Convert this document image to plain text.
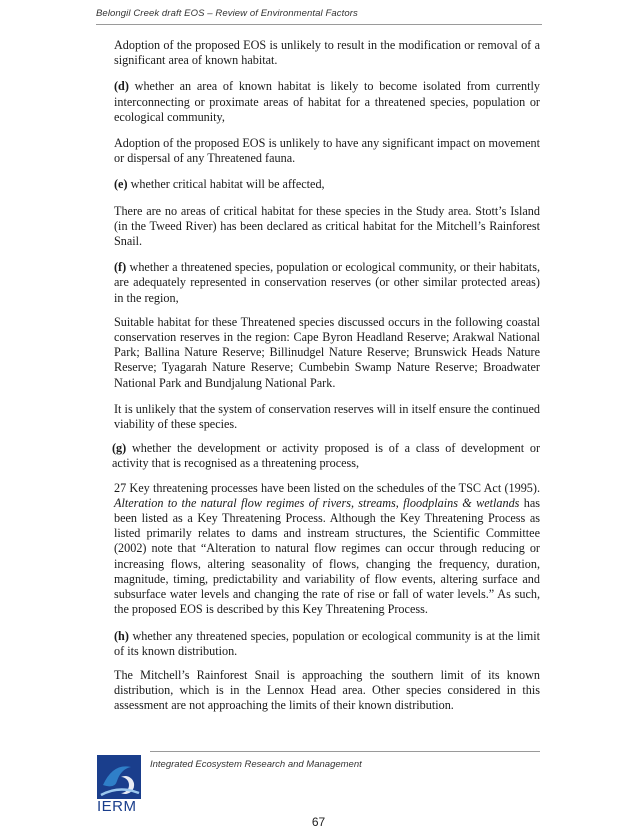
Belongil Creek draft EOS – Review of Environmental Factors

Adoption of the proposed EOS is unlikely to result in the modification or removal of a significant area of known habitat.

(d) whether an area of known habitat is likely to become isolated from currently interconnecting or proximate areas of habitat for a threatened species, population or ecological community,

Adoption of the proposed EOS is unlikely to have any significant impact on movement or dispersal of any Threatened fauna.

(e) whether critical habitat will be affected,

There are no areas of critical habitat for these species in the Study area. Stott’s Island (in the Tweed River) has been declared as critical habitat for the Mitchell’s Rainforest Snail.

(f) whether a threatened species, population or ecological community, or their habitats, are adequately represented in conservation reserves (or other similar protected areas) in the region,

Suitable habitat for these Threatened species discussed occurs in the following coastal conservation reserves in the region: Cape Byron Headland Reserve; Arakwal National Park; Ballina Nature Reserve; Billinudgel Nature Reserve; Brunswick Heads Nature Reserve; Tyagarah Nature Reserve; Cumbebin Swamp Nature Reserve; Broadwater National Park and Bundjalung National Park.

It is unlikely that the system of conservation reserves will in itself ensure the continued viability of these species.

(g) whether the development or activity proposed is of a class of development or activity that is recognised as a threatening process,

27 Key threatening processes have been listed on the schedules of the TSC Act (1995). Alteration to the natural flow regimes of rivers, streams, floodplains & wetlands has been listed as a Key Threatening Process. Although the Key Threatening Process as listed primarily relates to dams and instream structures, the Scientific Committee (2002) note that “Alteration to natural flow regimes can occur through reducing or increasing flows, altering seasonality of flows, changing the frequency, duration, magnitude, timing, predictability and variability of flow events, altering surface and subsurface water levels and changing the rate of rise or fall of water levels.” As such, the proposed EOS is described by this Key Threatening Process.

(h) whether any threatened species, population or ecological community is at the limit of its known distribution.

The Mitchell’s Rainforest Snail is approaching the southern limit of its known distribution, which is in the Lennox Head area. Other species considered in this assessment are not approaching the limits of their known distribution.

Integrated Ecosystem Research and Management
IERM
67
